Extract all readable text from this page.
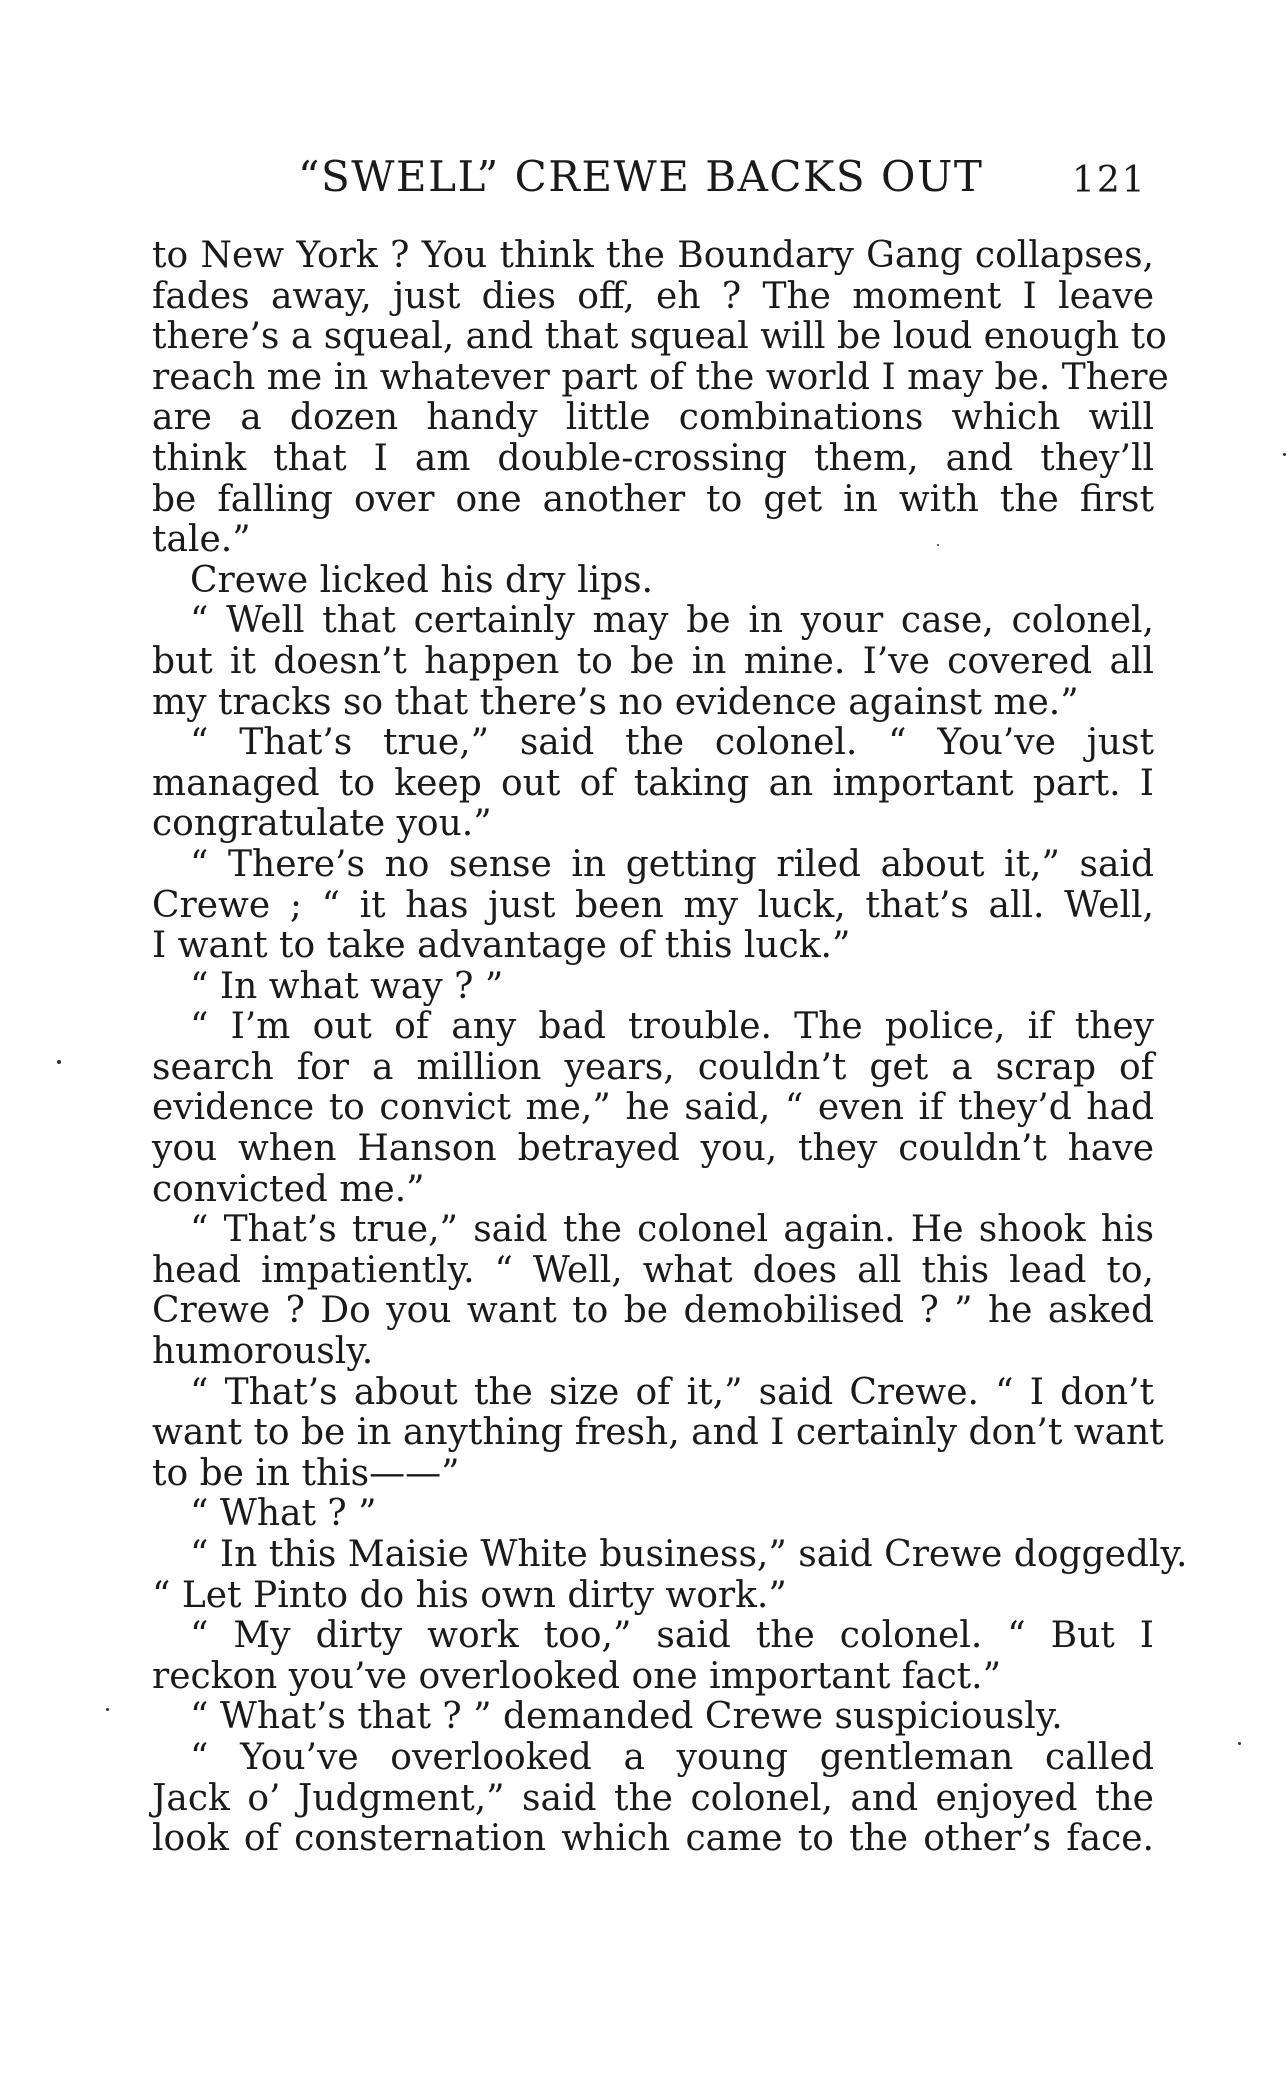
“SWELL” CREWE BACKS OUT 121
to New York ? You think the Boundary Gang collapses,
fades away, just dies off, eh ? The moment I leave
there’s a squeal, and that squeal will be loud enough to
reach me in whatever part of the world I may be. There
are a dozen handy little combinations which will
think that I am double-crossing them, and they’ll
be falling over one another to get in with the first
tale.”
Crewe licked his dry lips.
“ Well that certainly may be in your case, colonel,
but it doesn’t happen to be in mine. I’ve covered all
my tracks so that there’s no evidence against me.”
“ That’s true,” said the colonel. “ You’ve just
managed to keep out of taking an important part. I
congratulate you.”
“ There’s no sense in getting riled about it,” said
Crewe ; “ it has just been my luck, that’s all. Well,
I want to take advantage of this luck.”
“ In what way ? ”
“ I’m out of any bad trouble. The police, if they
search for a million years, couldn’t get a scrap of
evidence to convict me,” he said, “ even if they’d had
you when Hanson betrayed you, they couldn’t have
convicted me.”
“ That’s true,” said the colonel again. He shook his
head impatiently. “ Well, what does all this lead to,
Crewe ? Do you want to be demobilised ? ” he asked
humorously.
“ That’s about the size of it,” said Crewe. “ I don’t
want to be in anything fresh, and I certainly don’t want
to be in this——”
“ What ? ”
“ In this Maisie White business,” said Crewe doggedly.
“ Let Pinto do his own dirty work.”
“ My dirty work too,” said the colonel. “ But I
reckon you’ve overlooked one important fact.”
“ What’s that ? ” demanded Crewe suspiciously.
“ You’ve overlooked a young gentleman called
Jack o’ Judgment,” said the colonel, and enjoyed the
look of consternation which came to the other’s face.
